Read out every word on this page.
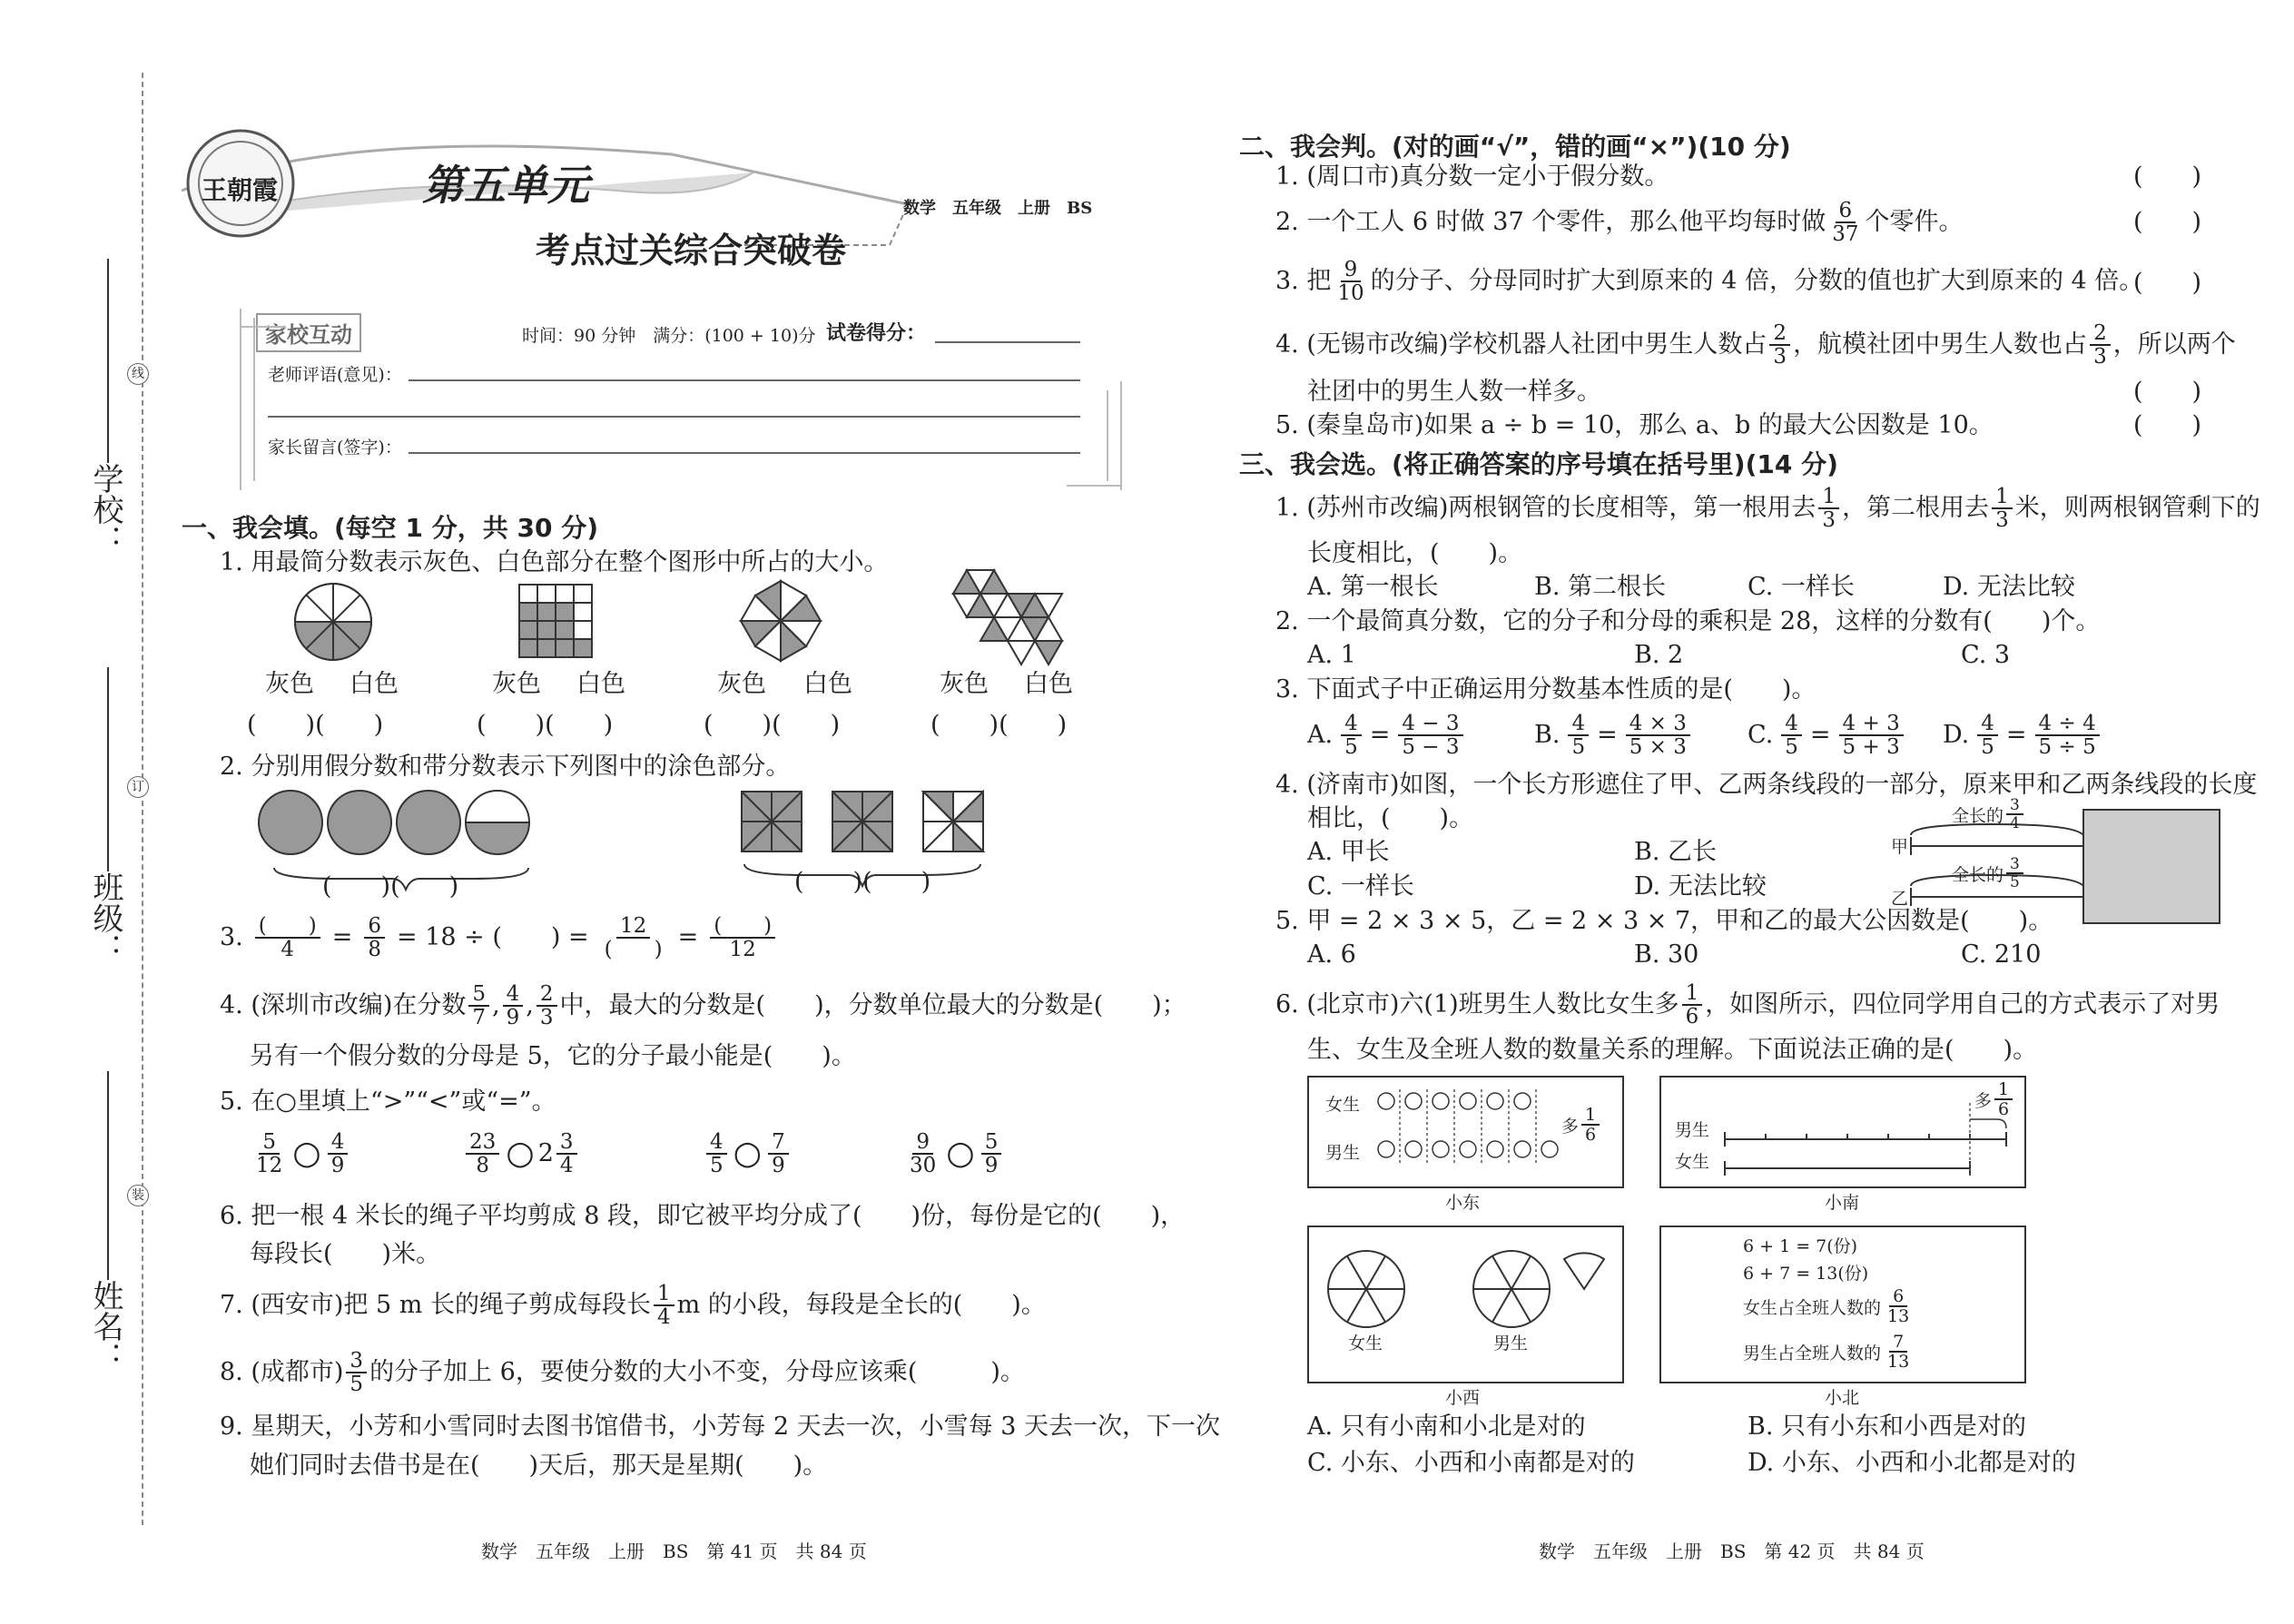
姓名：
班级：
学校：
装
订
线
王朝霞	第五单元
考点过关综合突破卷
数学　五年级　上册　BS
家校互动	时间：90 分钟　满分：(100 + 10)分 试卷得分：
老师评语(意见)：
家长留言(签字)：
一、我会填。(每空 1 分，共 30 分)
1. 用最简分数表示灰色、白色部分在整个图形中所占的大小。
灰色 白色	灰色 白色	灰色 白色	灰色 白色
(　　)(　　)	(　　)(　　)	(　　)(　　)	(　　)(　　)
2. 分别用假分数和带分数表示下列图中的涂色部分。
(　　)(　　)	(　　)(　　)
3. $\frac{( )}{4} = \frac{6}{8} = 18$ ÷ (　　) = $\frac{12}{( )} = \frac{( )}{12}$
4. (深圳市改编)在分数 $\frac{5}{7}$ , $\frac{4}{9}$ , $\frac{2}{3}$ 中，最大的分数是(　　)，分数单位最大的分数是(　　)；
另有一个假分数的分母是 5，它的分子最小能是(　　)。
5. 在○里填上“>”“<”或“=”。
$\frac{5}{12}$ ○ $\frac{4}{9}$	$\frac{23}{8}$ ○ $2 \frac{3}{4}$	$\frac{4}{5}$ ○ $\frac{7}{9}$	$\frac{9}{30}$ ○ $\frac{5}{9}$
6. 把一根 4 米长的绳子平均剪成 8 段，即它被平均分成了(　　)份，每份是它的(　　)，
每段长(　　)米。
7. (西安市)把 5 m 长的绳子剪成每段长 $\frac{1}{4}$ m 的小段，每段是全长的(　　)。
8. (成都市) $\frac{3}{5}$ 的分子加上 6，要使分数的大小不变，分母应该乘(　　　)。
9. 星期天，小芳和小雪同时去图书馆借书，小芳每 2 天去一次，小雪每 3 天去一次，下一次
她们同时去借书是在(　　)天后，那天是星期(　　)。
二、我会判。(对的画“√”，错的画“×”)(10 分)
1. (周口市)真分数一定小于假分数。	(　　)
2. 一个工人 6 时做 37 个零件，那么他平均每时做 $\frac{6}{37}$ 个零件。	(　　)
3. 把 $\frac{9}{10}$ 的分子、分母同时扩大到原来的 4 倍，分数的值也扩大到原来的 4 倍。
(　　)
4. (无锡市改编)学校机器人社团中男生人数占 $\frac{2}{3}$ ，航模社团中男生人数也占 $\frac{2}{3}$ ，所以两个
社团中的男生人数一样多。	(　　)
5. (秦皇岛市)如果 a ÷ b = 10，那么 a、b 的最大公因数是 10。	(　　)
三、我会选。(将正确答案的序号填在括号里)(14 分)
1. (苏州市改编)两根钢管的长度相等，第一根用去 $\frac{1}{3}$ ，第二根用去 $\frac{1}{3}$ 米，则两根钢管剩下的
长度相比，(　　)。
A. 第一根长	B. 第二根长	C. 一样长	D. 无法比较
2. 一个最简真分数，它的分子和分母的乘积是 28，这样的分数有(　　)个。
A. 1	B. 2	C. 3
3. 下面式子中正确运用分数基本性质的是(　　)。
A. $\frac{4}{5} = \frac{4 - 3}{5 - 3}$	B. $\frac{4}{5} = \frac{4 \times 3}{5 \times 3} C$. $\frac{4}{5} = \frac{4 + 3}{5 + 3} D$. $\frac{4}{5} = \frac{4 \div 4}{5 \div 5}$
4. (济南市)如图，一个长方形遮住了甲、乙两条线段的一部分，原来甲和乙两条线段的长度
相比，(　　)。
A. 甲长	B. 乙长
C. 一样长	D. 无法比较
甲
乙
全长的 $\frac{3}{4}$
全长的 $\frac{3}{5}$
5. 甲 = 2 × 3 × 5，乙 = 2 × 3 × 7，甲和乙的最大公因数是(　　)。
A. 6	B. 30	C. 210
6. (北京市)六(1)班男生人数比女生多 $\frac{1}{6}$ ，如图所示，四位同学用自己的方式表示了对男
生、女生及全班人数的数量关系的理解。下面说法正确的是(　　)。
女生
男生
多 $\frac{1}{6}$
小东
男生
女生
多 $\frac{1}{6}$
小南
女生	男生
小西
6 + 1 = 7(份)
6 + 7 = 13(份)
女生占全班人数的 $\frac{6}{13}$
男生占全班人数的 $\frac{7}{13}$
小北
A. 只有小南和小北是对的	B. 只有小东和小西是对的
C. 小东、小西和小南都是对的	D. 小东、小西和小北都是对的
数学　五年级　上册　BS　第 41 页　共 84 页	数学　五年级　上册　BS　第 42 页　共 84 页
